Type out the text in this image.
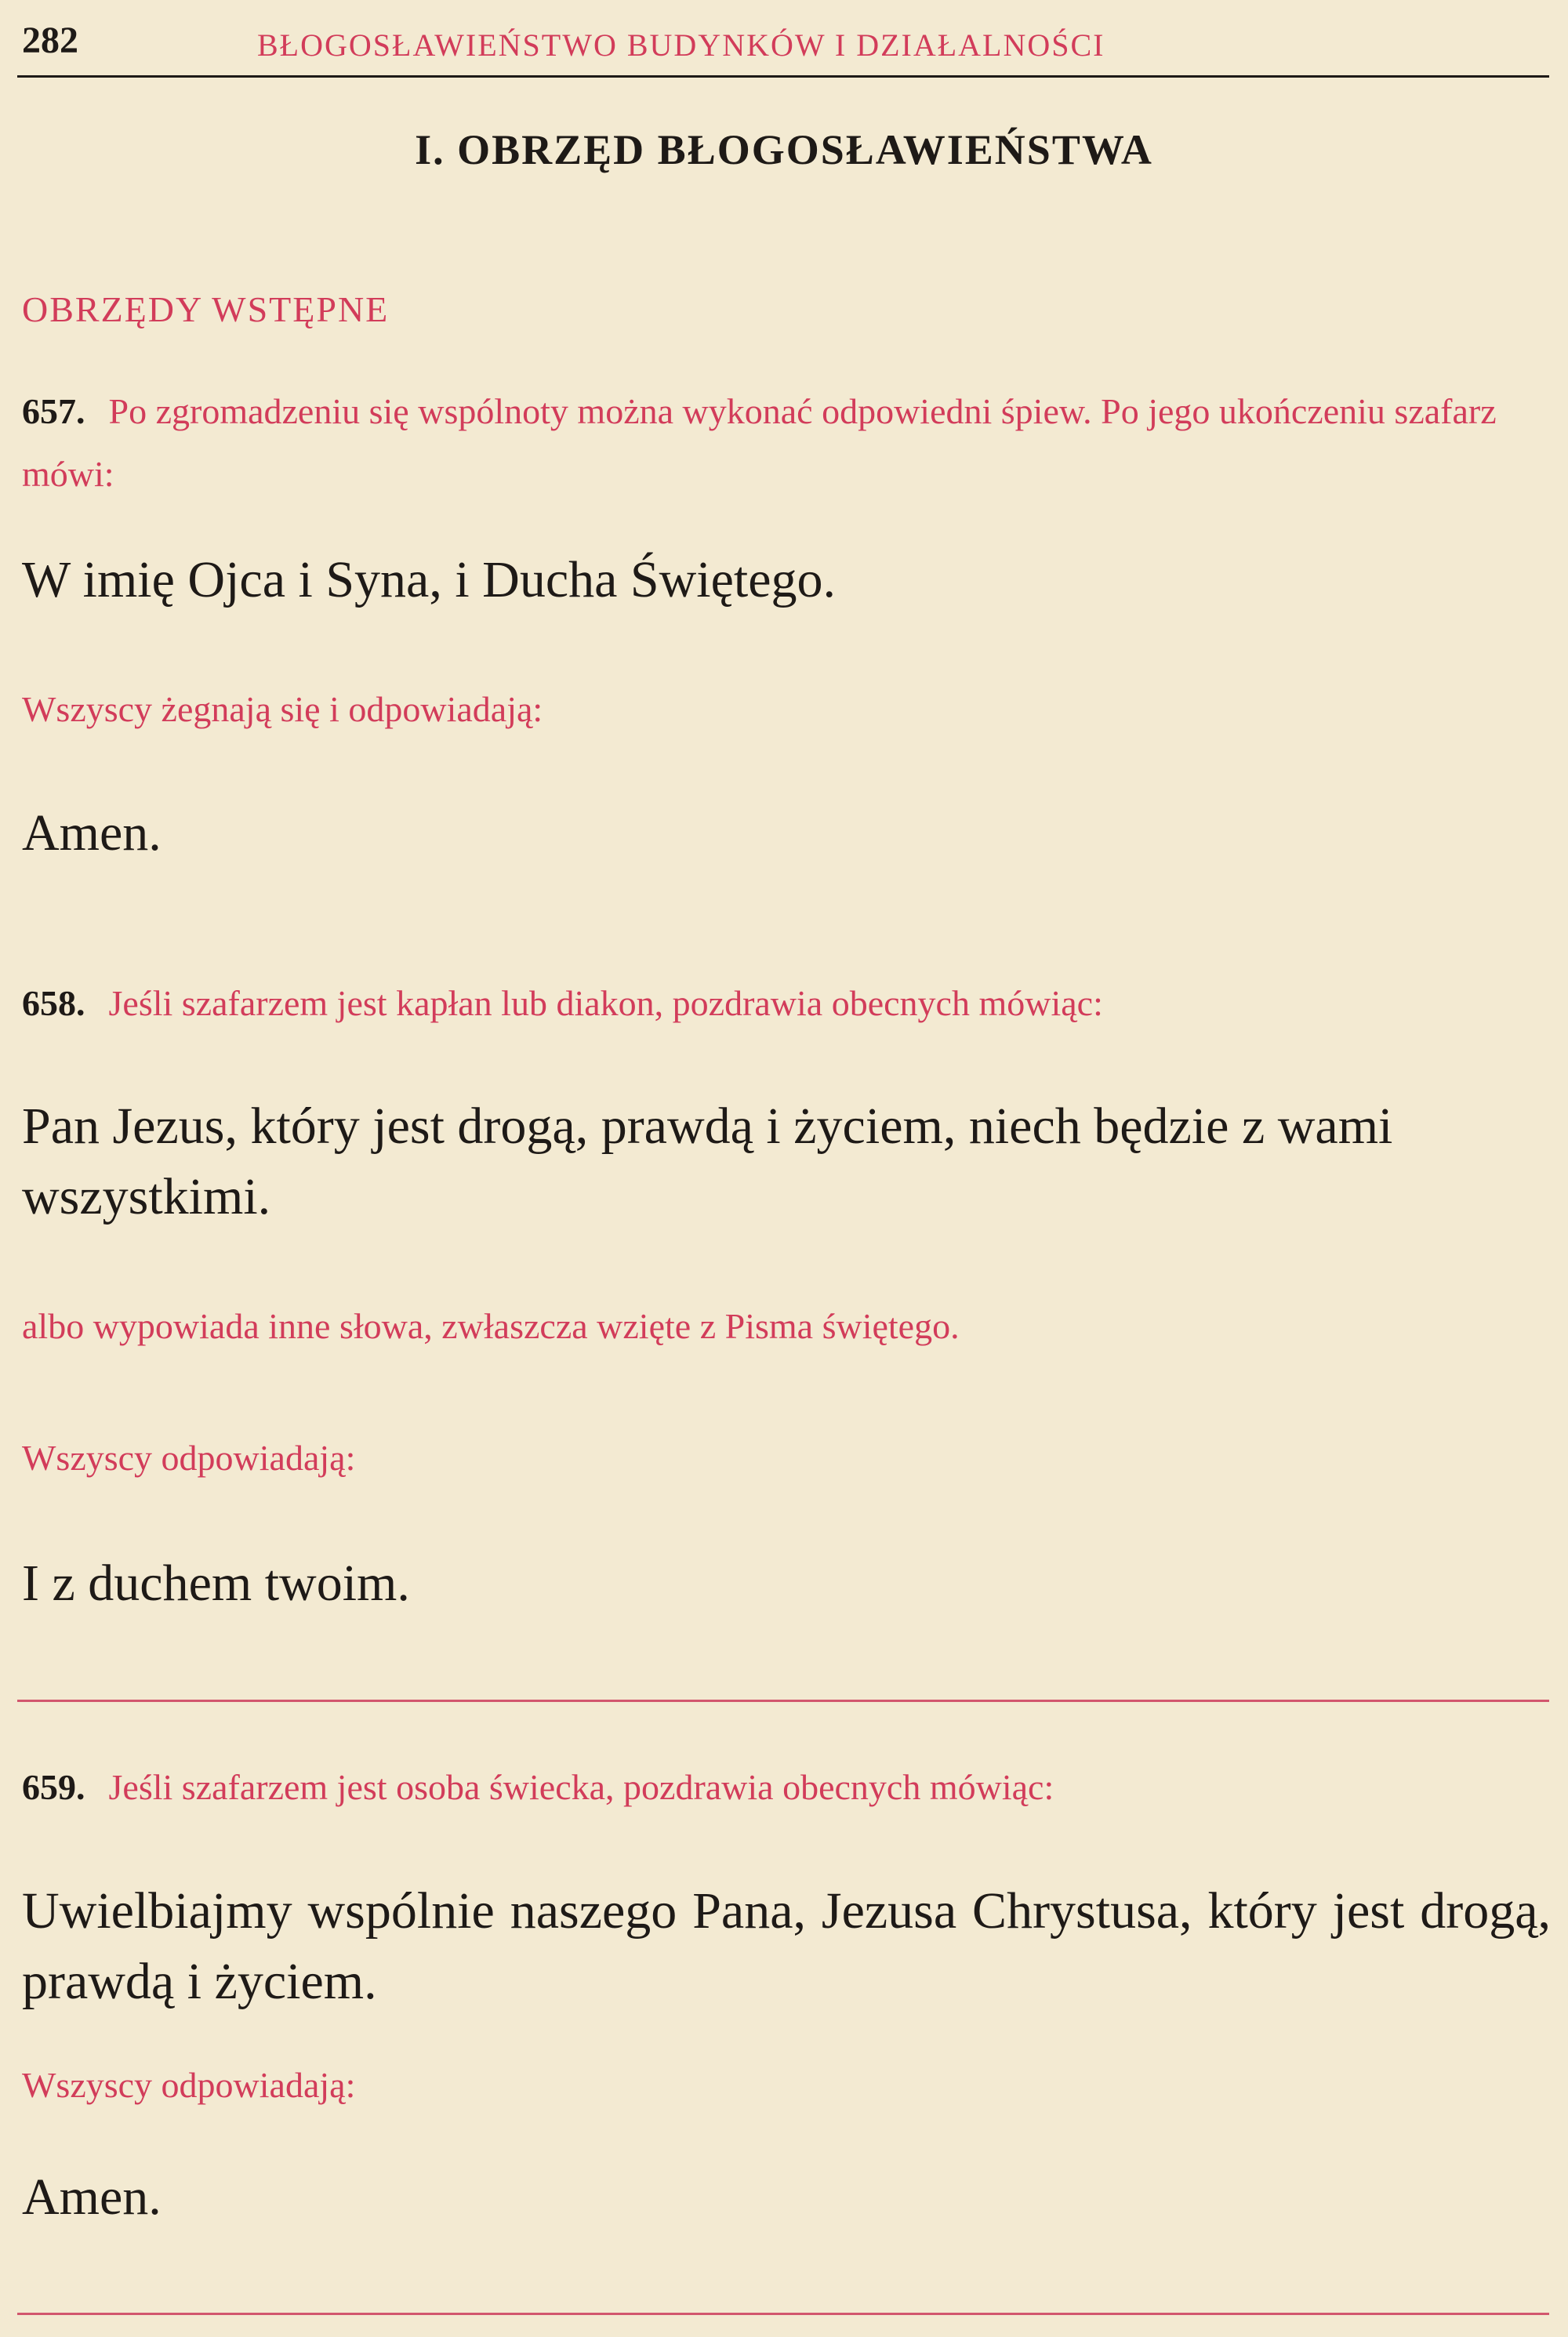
282	BŁOGOSŁAWIEŃSTWO BUDYNKÓW I DZIAŁALNOŚCI
I. OBRZĘD BŁOGOSŁAWIEŃSTWA
OBRZĘDY WSTĘPNE
657. Po zgromadzeniu się wspólnoty można wykonać odpowiedni śpiew. Po jego ukończeniu szafarz mówi:
W imię Ojca i Syna, i Ducha Świętego.
Wszyscy żegnają się i odpowiadają:
Amen.
658. Jeśli szafarzem jest kapłan lub diakon, pozdrawia obecnych mówiąc:
Pan Jezus, który jest drogą, prawdą i życiem, niech będzie z wami wszystkimi.
albo wypowiada inne słowa, zwłaszcza wzięte z Pisma świętego.
Wszyscy odpowiadają:
I z duchem twoim.
659. Jeśli szafarzem jest osoba świecka, pozdrawia obecnych mówiąc:
Uwielbiajmy wspólnie naszego Pana, Jezusa Chrystusa, który jest drogą, prawdą i życiem.
Wszyscy odpowiadają:
Amen.
